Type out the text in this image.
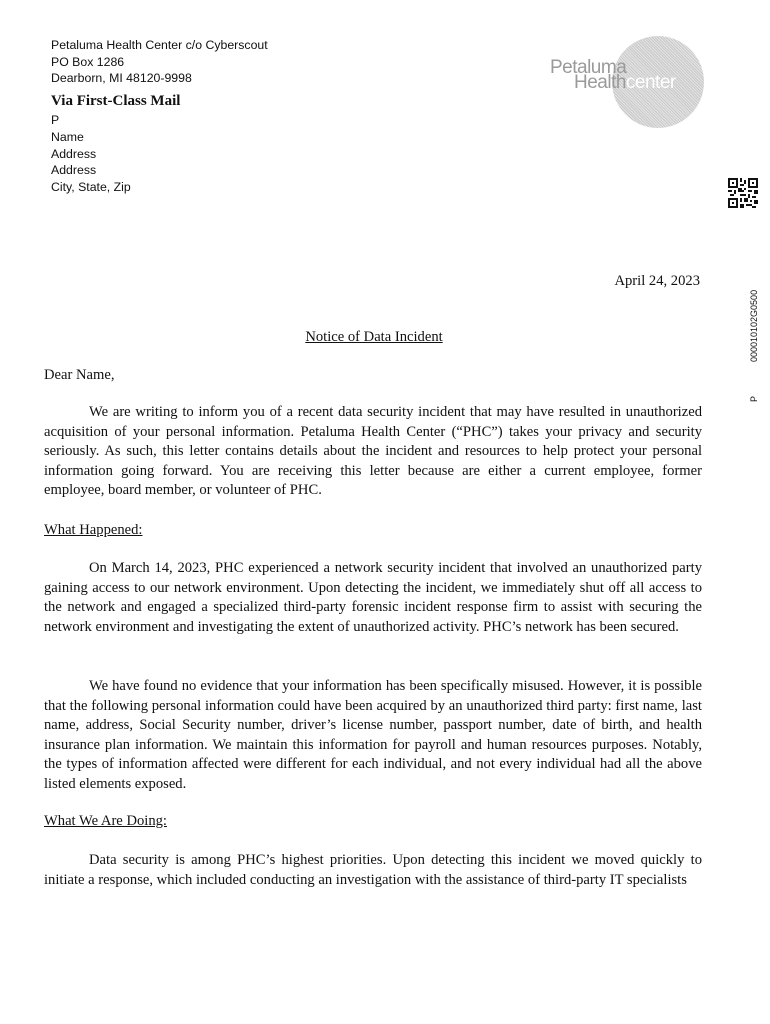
Petaluma Health Center c/o Cyberscout
PO Box 1286
Dearborn, MI 48120-9998
Via First-Class Mail
P
Name
Address
Address
City, State, Zip
Petaluma
Healthcenter
000010102G0500
P
April 24, 2023
Notice of Data Incident
Dear Name,

We are writing to inform you of a recent data security incident that may have resulted in unauthorized acquisition of your personal information. Petaluma Health Center (“PHC”) takes your privacy and security seriously. As such, this letter contains details about the incident and resources to help protect your personal information going forward. You are receiving this letter because are either a current employee, former employee, board member, or volunteer of PHC.

What Happened:

On March 14, 2023, PHC experienced a network security incident that involved an unauthorized party gaining access to our network environment. Upon detecting the incident, we immediately shut off all access to the network and engaged a specialized third-party forensic incident response firm to assist with securing the network environment and investigating the extent of unauthorized activity. PHC’s network has been secured.

We have found no evidence that your information has been specifically misused. However, it is possible that the following personal information could have been acquired by an unauthorized third party: first name, last name, address, Social Security number, driver’s license number, passport number, date of birth, and health insurance plan information. We maintain this information for payroll and human resources purposes. Notably, the types of information affected were different for each individual, and not every individual had all the above listed elements exposed.

What We Are Doing:

Data security is among PHC’s highest priorities. Upon detecting this incident we moved quickly to initiate a response, which included conducting an investigation with the assistance of third-party IT specialists
